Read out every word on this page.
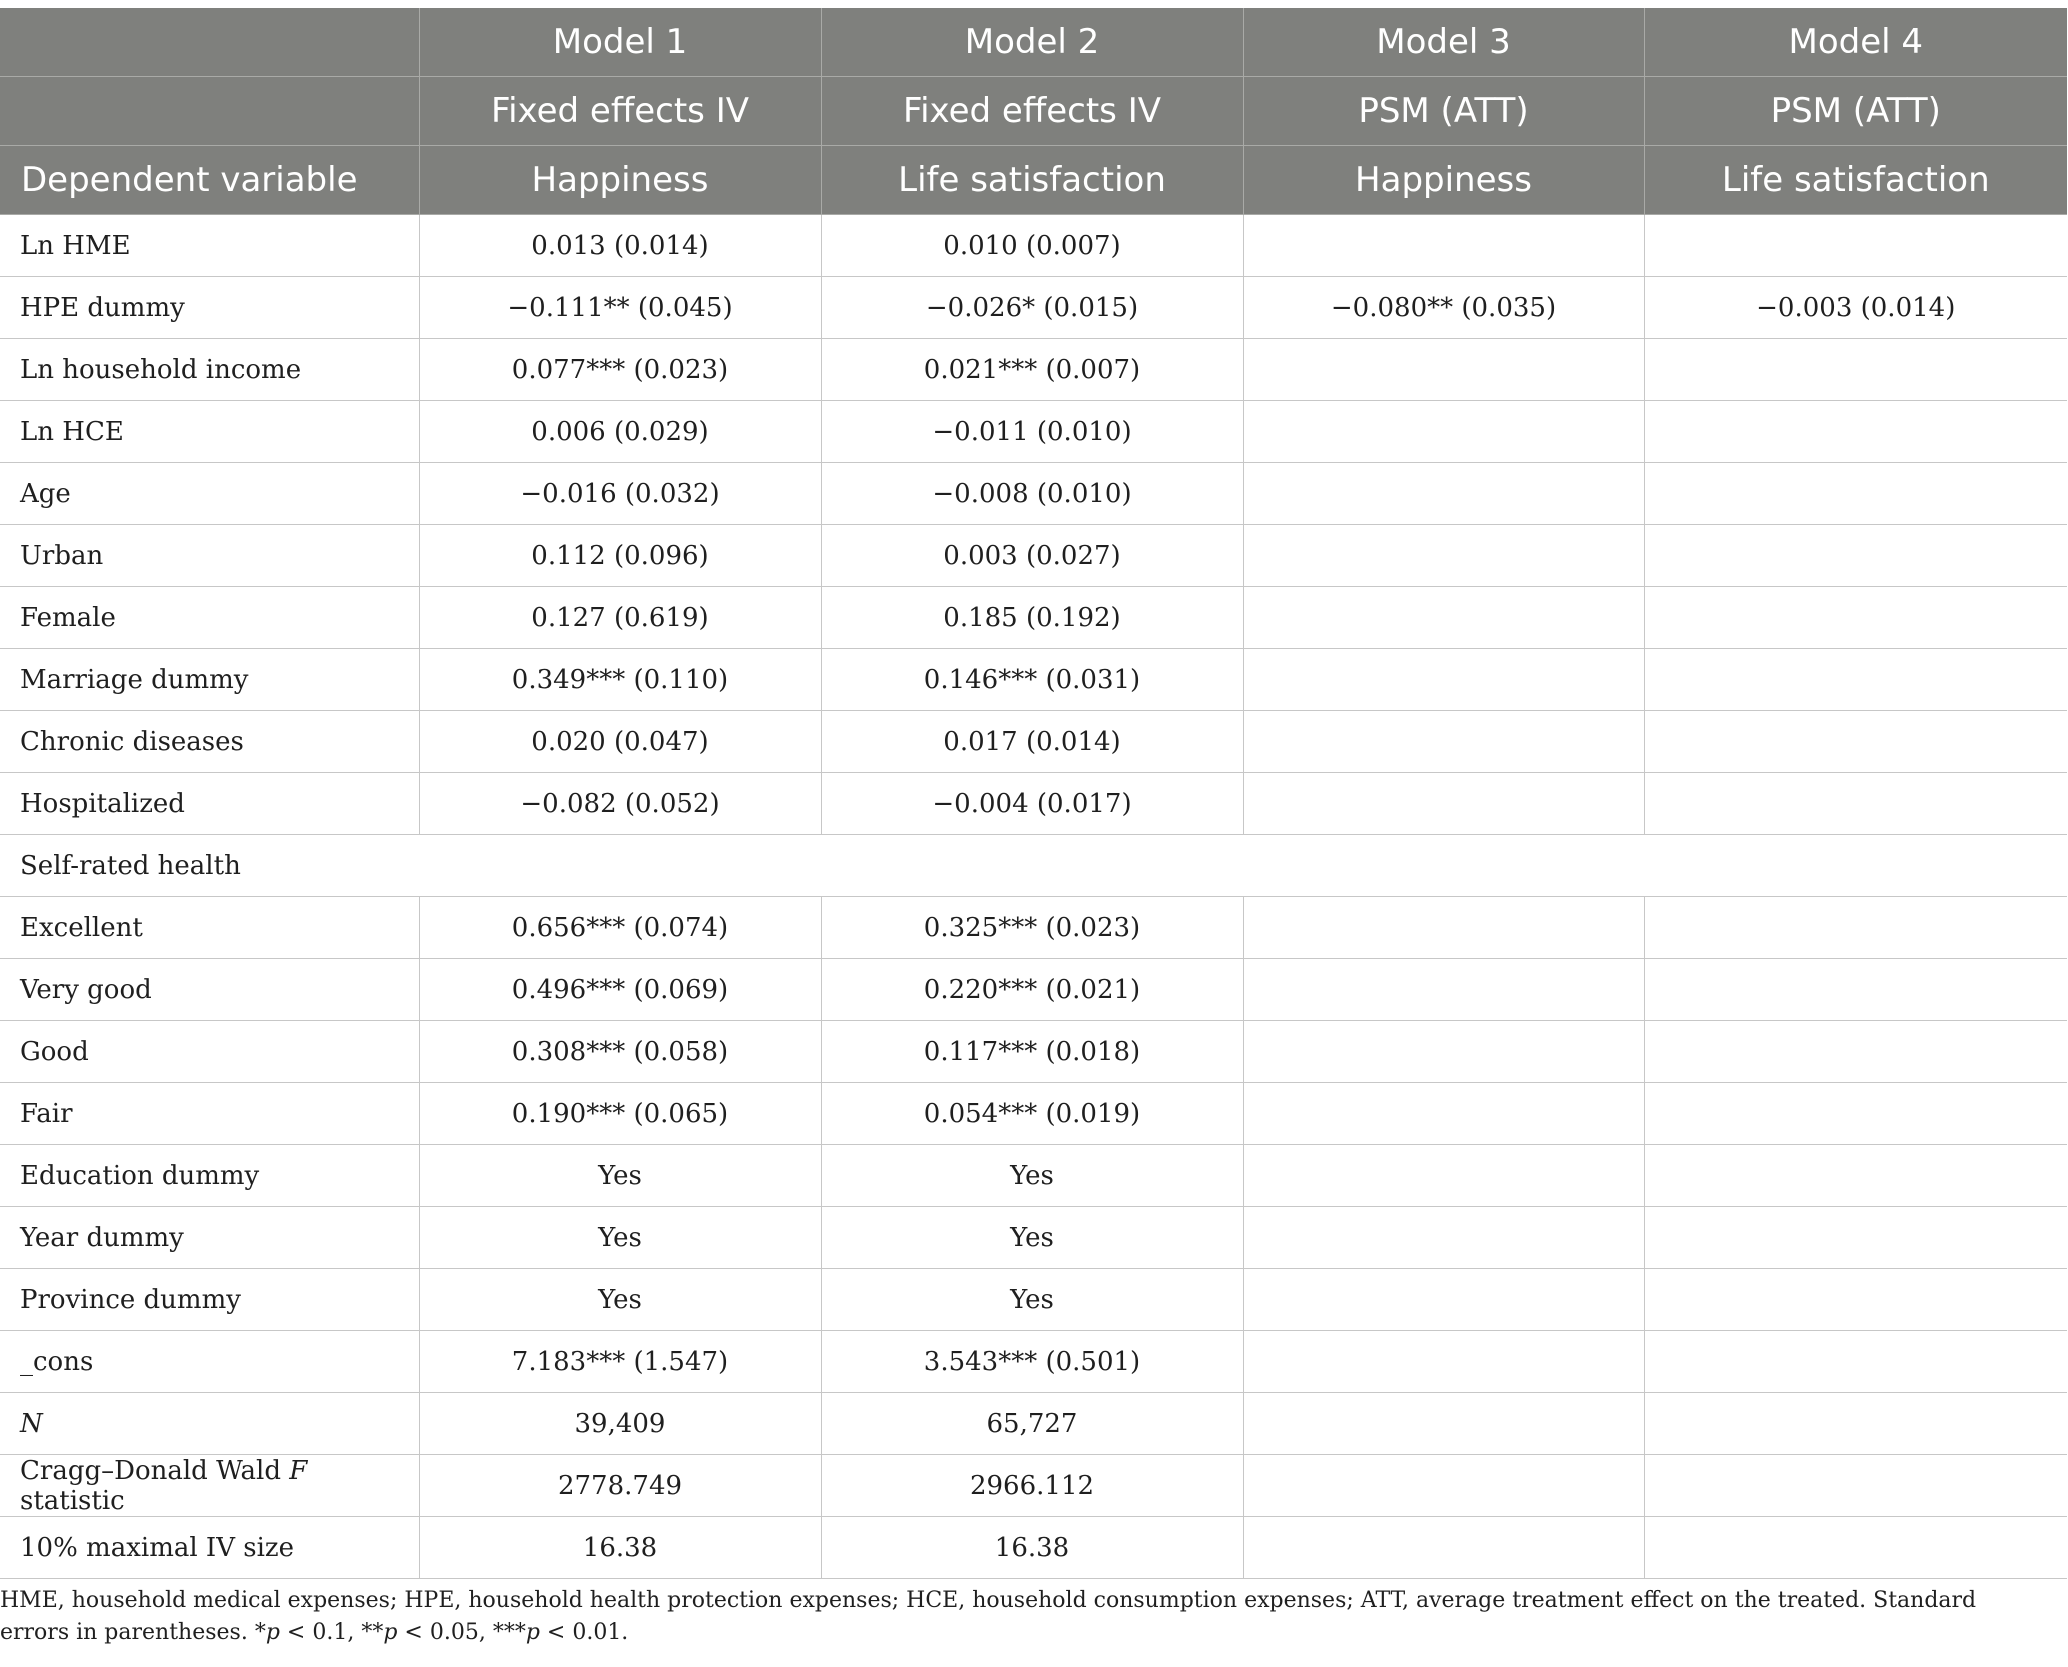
	Model 1	Model 2	Model 3	Model 4
	Fixed effects IV	Fixed effects IV	PSM (ATT)	PSM (ATT)
Dependent variable	Happiness	Life satisfaction	Happiness	Life satisfaction
Ln HME	0.013 (0.014)	0.010 (0.007)		
HPE dummy	−0.111** (0.045)	−0.026* (0.015)	−0.080** (0.035)	−0.003 (0.014)
Ln household income	0.077*** (0.023)	0.021*** (0.007)		
Ln HCE	0.006 (0.029)	−0.011 (0.010)		
Age	−0.016 (0.032)	−0.008 (0.010)		
Urban	0.112 (0.096)	0.003 (0.027)		
Female	0.127 (0.619)	0.185 (0.192)		
Marriage dummy	0.349*** (0.110)	0.146*** (0.031)		
Chronic diseases	0.020 (0.047)	0.017 (0.014)		
Hospitalized	−0.082 (0.052)	−0.004 (0.017)		
Self-rated health				
Excellent	0.656*** (0.074)	0.325*** (0.023)		
Very good	0.496*** (0.069)	0.220*** (0.021)		
Good	0.308*** (0.058)	0.117*** (0.018)		
Fair	0.190*** (0.065)	0.054*** (0.019)		
Education dummy	Yes	Yes		
Year dummy	Yes	Yes		
Province dummy	Yes	Yes		
_cons	7.183*** (1.547)	3.543*** (0.501)		
N	39,409	65,727		
Cragg–Donald Wald F statistic	2778.749	2966.112		
10% maximal IV size	16.38	16.38		
HME, household medical expenses; HPE, household health protection expenses; HCE, household consumption expenses; ATT, average treatment effect on the treated. Standard errors in parentheses. *p < 0.1, **p < 0.05, ***p < 0.01.
